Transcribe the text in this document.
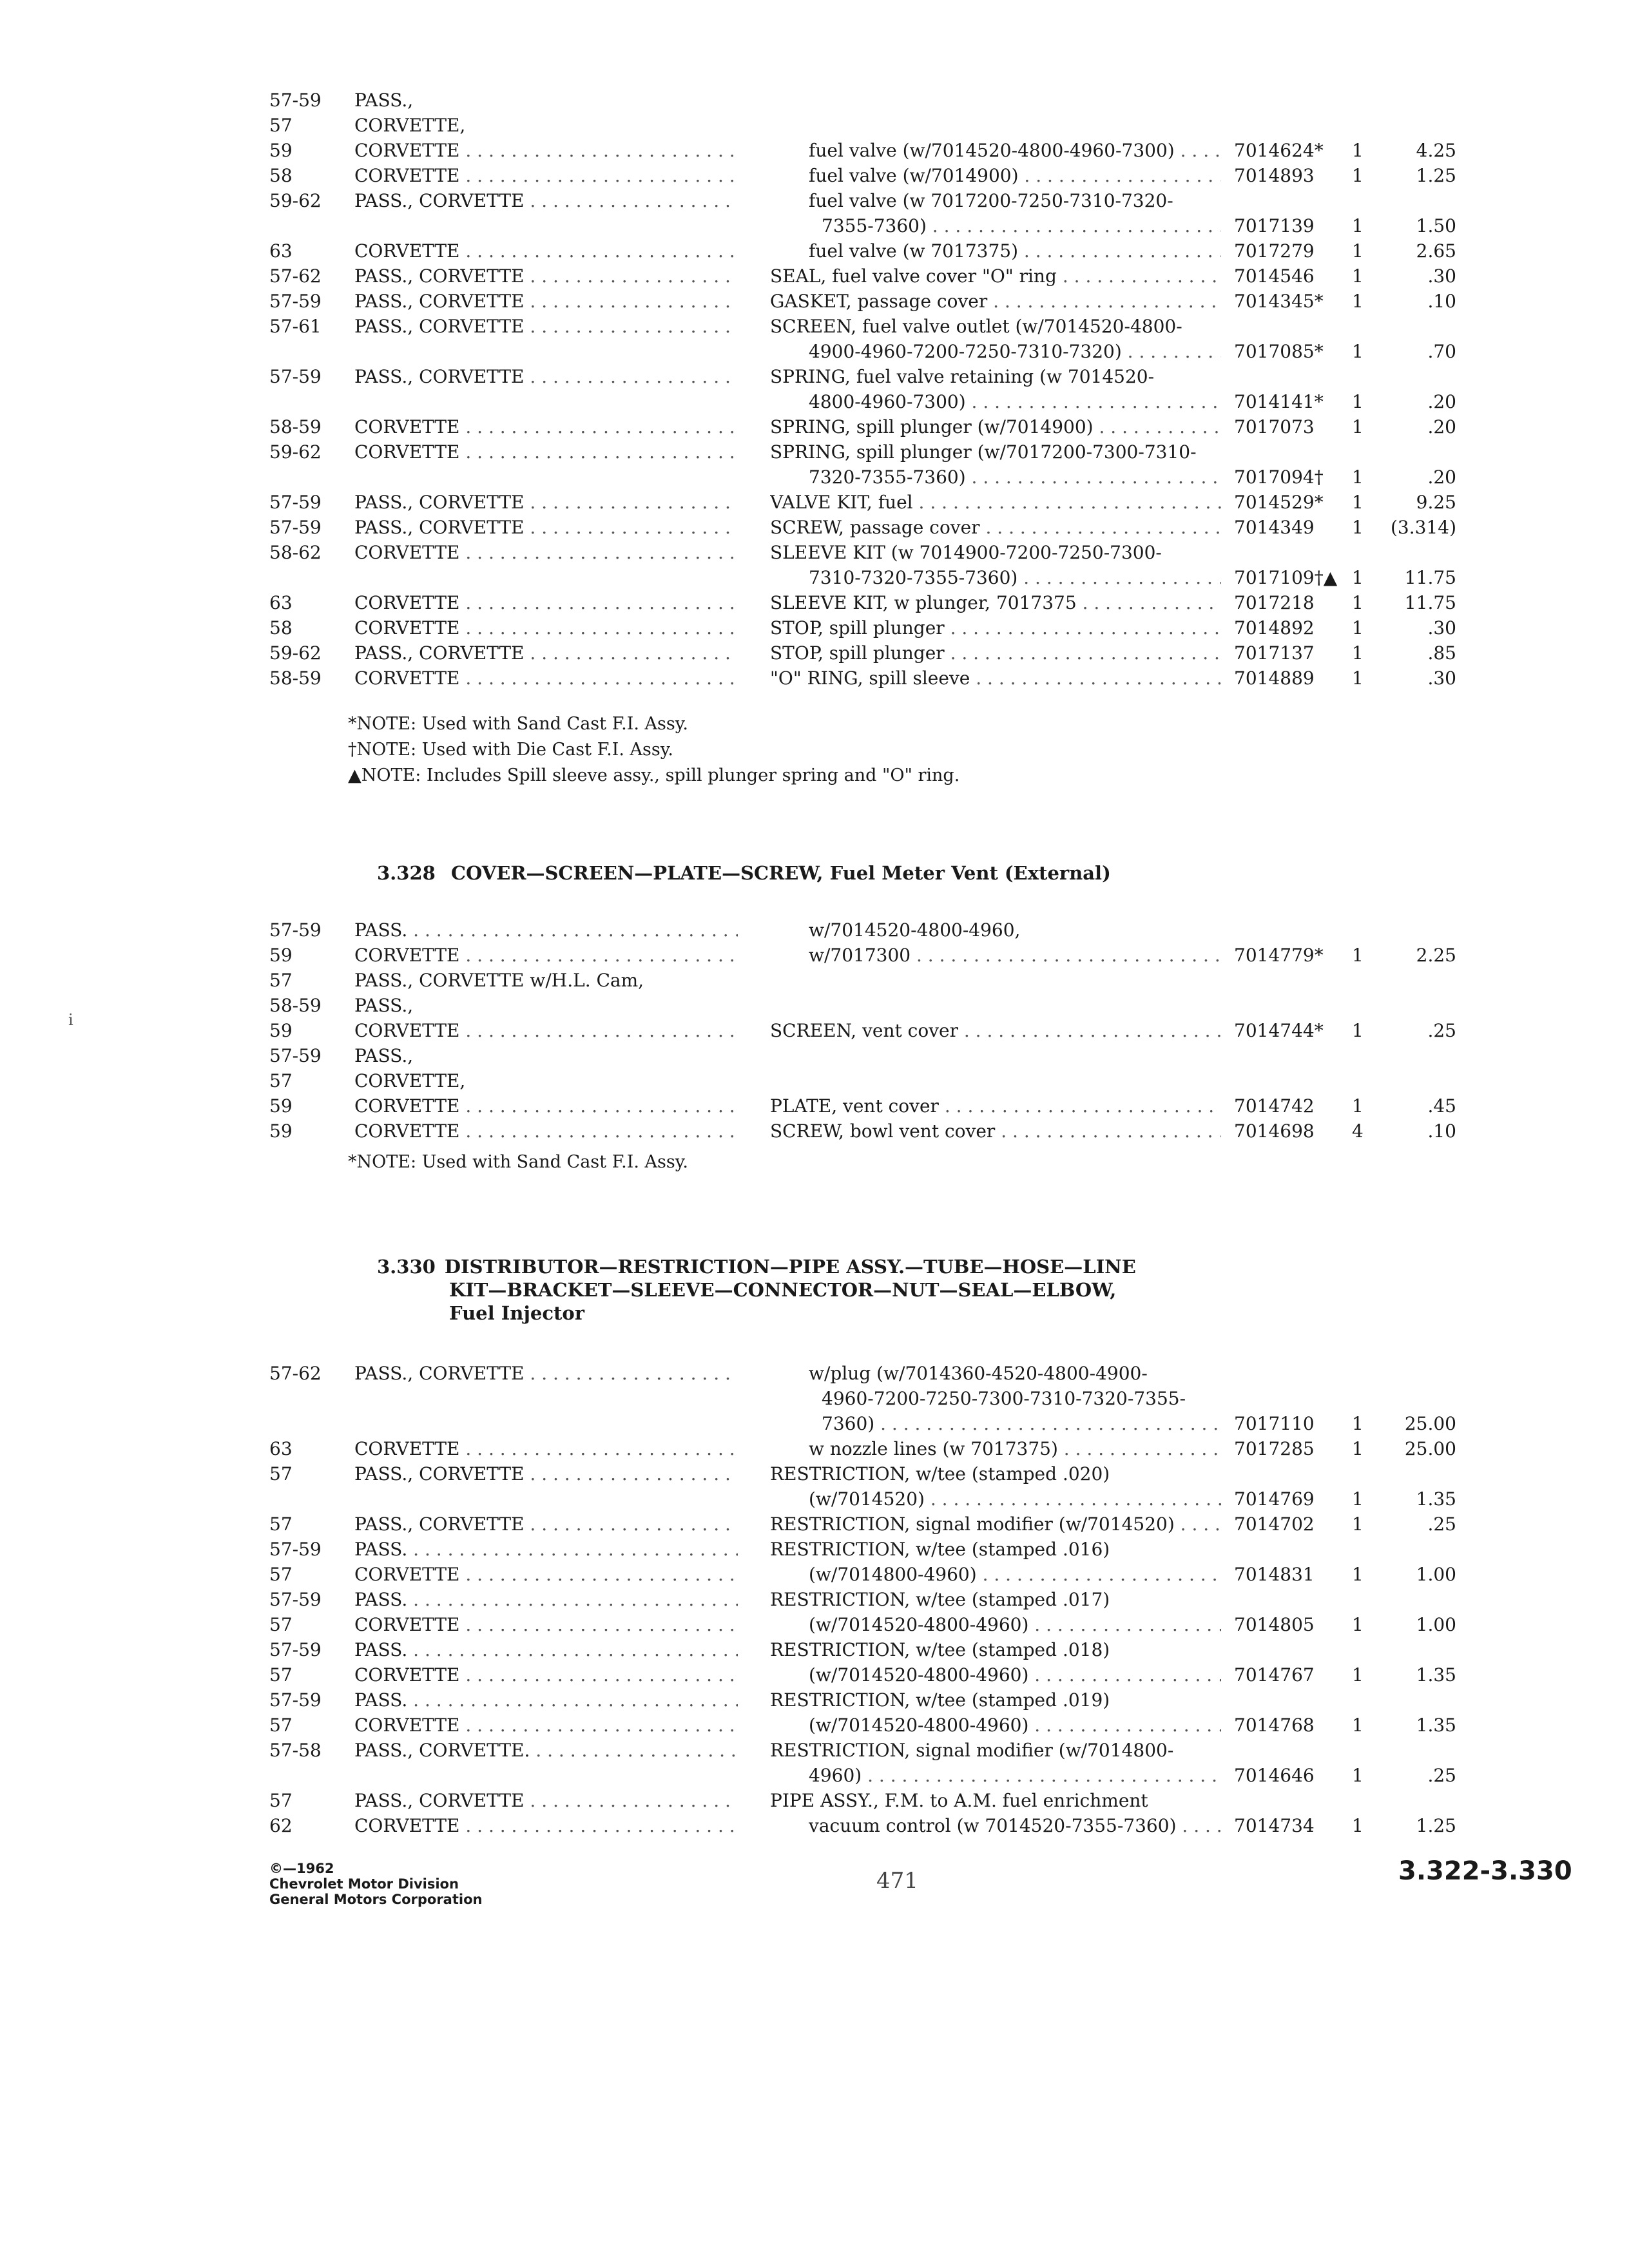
57-59 PASS.,
57	CORVETTE,
59	CORVETTE . . .	fuel valve (w/7014520-4800-4960-7300) . . .	7014624* 1	4.25
58	CORVETTE . . .	fuel valve (w/7014900) . . .	7014893 1	1.25
59-62 PASS., CORVETTE . . .	fuel valve (w 7017200-7250-7310-7320-
7355-7360) . . .	7017139 1	1.50
63	CORVETTE . . .	fuel valve (w 7017375) . . .	7017279 1	2.65
57-62 PASS., CORVETTE . . .	SEAL, fuel valve cover "O" ring . . .	7014546 1	.30
57-59 PASS., CORVETTE . . .	GASKET, passage cover . . .	7014345* 1	.10
57-61 PASS., CORVETTE . . .	SCREEN, fuel valve outlet (w/7014520-4800-
4900-4960-7200-7250-7310-7320) . . .	7017085* 1	.70
57-59 PASS., CORVETTE . . .	SPRING, fuel valve retaining (w 7014520-
4800-4960-7300) . . .	7014141* 1	.20
58-59 CORVETTE . . .	SPRING, spill plunger (w/7014900) . . .	7017073 1	.20
59-62 CORVETTE . . .	SPRING, spill plunger (w/7017200-7300-7310-
7320-7355-7360) . . .	7017094† 1	.20
57-59 PASS., CORVETTE . . .	VALVE KIT, fuel . . .	7014529* 1	9.25
57-59 PASS., CORVETTE . . .	SCREW, passage cover . . .	7014349 1	(3.314)
58-62 CORVETTE . . .	SLEEVE KIT (w 7014900-7200-7250-7300-
7310-7320-7355-7360) . . .	7017109†▲ 1	11.75
63	CORVETTE . . .	SLEEVE KIT, w plunger, 7017375 . . .	7017218 1	11.75
58	CORVETTE . . .	STOP, spill plunger . . .	7014892 1	.30
59-62 PASS., CORVETTE . . .	STOP, spill plunger . . .	7017137 1	.85
58-59 CORVETTE . . .	"O" RING, spill sleeve . . .	7014889 1	.30
*NOTE: Used with Sand Cast F.I. Assy.
†NOTE: Used with Die Cast F.I. Assy.
▲NOTE: Includes Spill sleeve assy., spill plunger spring and "O" ring.
3.328 COVER—SCREEN—PLATE—SCREW, Fuel Meter Vent (External)
57-59 PASS. . . .	w/7014520-4800-4960,
59	CORVETTE . . .	w/7017300 . . .	7014779* 1	2.25
57	PASS., CORVETTE w/H.L. Cam,
58-59 PASS.,
59	CORVETTE . . .	SCREEN, vent cover . . .	7014744* 1	.25
57-59 PASS.,
57	CORVETTE,
59	CORVETTE . . .	PLATE, vent cover . . .	7014742 1	.45
59	CORVETTE . . .	SCREW, bowl vent cover . . .	7014698 4	.10
*NOTE: Used with Sand Cast F.I. Assy.
3.330 DISTRIBUTOR—RESTRICTION—PIPE ASSY.—TUBE—HOSE—LINE
KIT—BRACKET—SLEEVE—CONNECTOR—NUT—SEAL—ELBOW,
Fuel Injector
57-62 PASS., CORVETTE . . .	w/plug (w/7014360-4520-4800-4900-
4960-7200-7250-7300-7310-7320-7355-
7360) . . .	7017110 1	25.00
63	CORVETTE . . .	w nozzle lines (w 7017375) . . .	7017285 1	25.00
57	PASS., CORVETTE . . .	RESTRICTION, w/tee (stamped .020)
(w/7014520) . . .	7014769 1	1.35
57	PASS., CORVETTE . . .	RESTRICTION, signal modifier (w/7014520) . . .	7014702 1	.25
57-59 PASS. . . .	RESTRICTION, w/tee (stamped .016)
57	CORVETTE . . .	(w/7014800-4960) . . .	7014831 1	1.00
57-59 PASS. . . .	RESTRICTION, w/tee (stamped .017)
57	CORVETTE . . .	(w/7014520-4800-4960) . . .	7014805 1	1.00
57-59 PASS. . . .	RESTRICTION, w/tee (stamped .018)
57	CORVETTE . . .	(w/7014520-4800-4960) . . .	7014767 1	1.35
57-59 PASS. . . .	RESTRICTION, w/tee (stamped .019)
57	CORVETTE . . .	(w/7014520-4800-4960) . . .	7014768 1	1.35
57-58 PASS., CORVETTE. . . .	RESTRICTION, signal modifier (w/7014800-
4960) . . .	7014646 1	.25
57	PASS., CORVETTE . . .	PIPE ASSY., F.M. to A.M. fuel enrichment
62	CORVETTE . . .	vacuum control (w 7014520-7355-7360) . . .	7014734 1	1.25
©—1962
Chevrolet Motor Division
General Motors Corporation
471	3.322-3.330
i
